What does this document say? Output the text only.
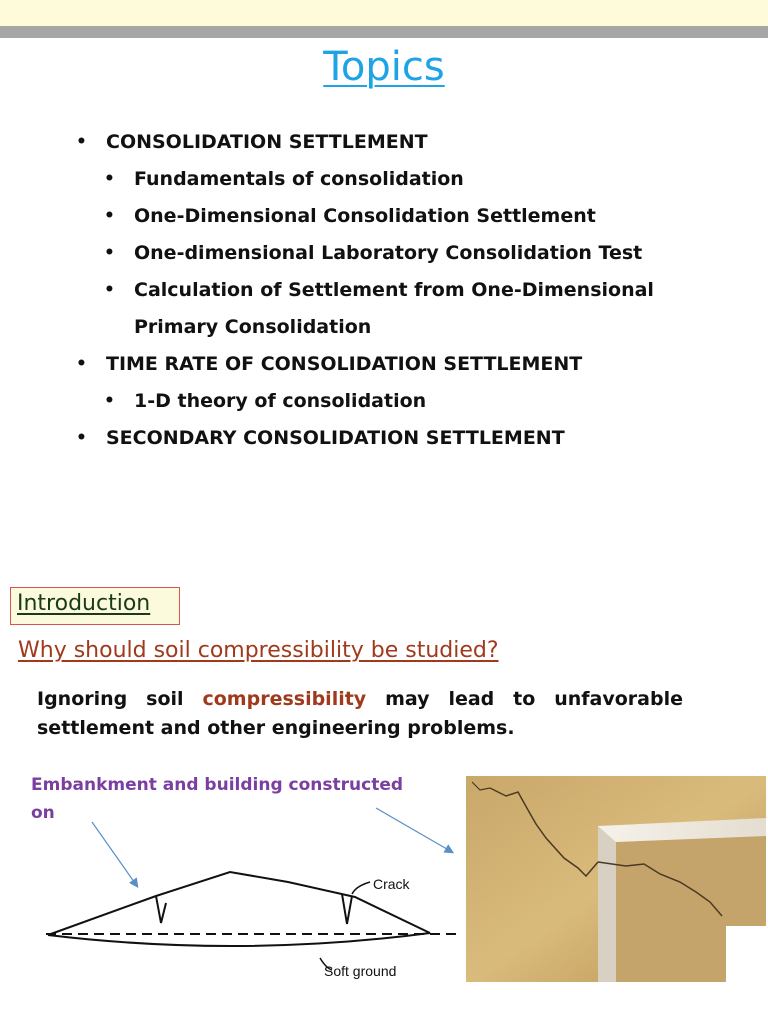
Topics
• CONSOLIDATION SETTLEMENT
• Fundamentals of consolidation
• One-Dimensional Consolidation Settlement
• One-dimensional Laboratory Consolidation Test
• Calculation of Settlement from One-Dimensional
Primary Consolidation
• TIME RATE OF CONSOLIDATION SETTLEMENT
• 1-D theory of consolidation
• SECONDARY CONSOLIDATION SETTLEMENT
Introduction
Why should soil compressibility be studied?
Ignoring soil compressibility may lead to unfavorable settlement and other engineering problems.
Embankment and building constructed on
Crack
Soft ground
